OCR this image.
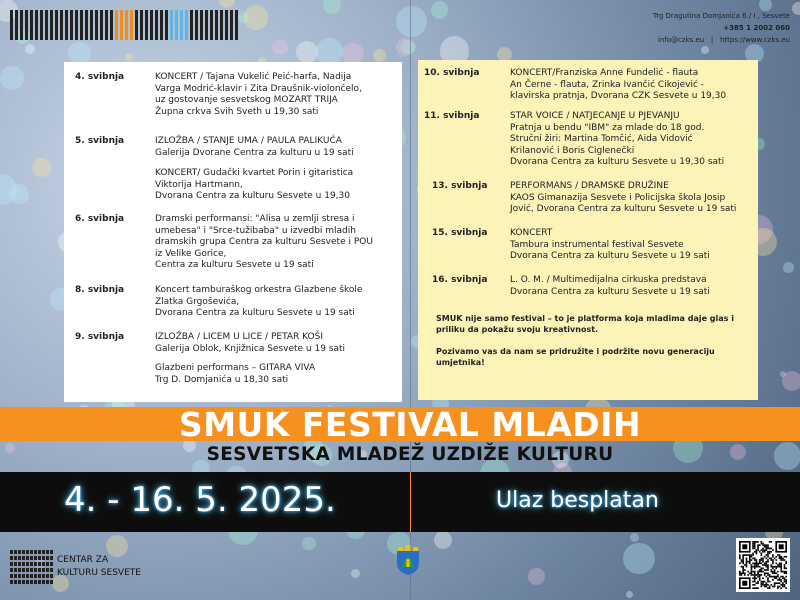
Trg Dragutina Domjanića 6 / I , Sesvete
+385 1 2002 060
info@czks.eu   |   https://www.czks.eu
4. svibnja	KONCERT / Tajana Vukelić Peić-harfa, Nadija
Varga Modrić-klavir i Zita Draušnik-violončelo,
uz gostovanje sesvetskog MOZART TRIJA
Župna crkva Svih Sveth u 19,30 sati
5. svibnja	IZLOŽBA / STANJE UMA / PAULA PALIKUĆA
Galerija Dvorane Centra za kulturu u 19 sati
KONCERT/ Gudački kvartet Porin i gitaristica
Viktorija Hartmann,
Dvorana Centra za kulturu Sesvete u 19,30
6. svibnja	Dramski performansi: "Alisa u zemlji stresa i
umebesa" i "Srce-tužibaba" u izvedbi mladih
dramskih grupa Centra za kulturu Sesvete i POU
iz Velike Gorice,
Centra za kulturu Sesvete u 19 sati
8. svibnja	Koncert tamburaškog orkestra Glazbene škole
Zlatka Grgoševića,
Dvorana Centra za kulturu Sesvete u 19 sati
9. svibnja	IZLOŽBA / LICEM U LICE / PETAR KOŠI
Galerija Oblok, Knjižnica Sesvete u 19 sati
Glazbeni performans – GITARA VIVA
Trg D. Domjanića u 18,30 sati
10. svibnja	KONCERT/Franziska Anne Fundelić - flauta
An Černe - flauta, Zrinka Ivančić Cikojević -
klavirska pratnja, Dvorana CZK Sesvete u 19,30
11. svibnja	STAR VOICE / NATJECANJE U PJEVANJU
Pratnja u bendu "IBM" za mlade do 18 god.
Stručni žiri: Martina Tomčić, Aida Vidović
Krilanović i Boris Ciglenečki
Dvorana Centra za kulturu Sesvete u 19,30 sati
13. svibnja	PERFORMANS / DRAMSKE DRUŽINE
KAOS Gimanazija Sesvete i Policijska škola Josip
Jović, Dvorana Centra za kulturu Sesvete u 19 sati
15. svibnja	KONCERT
Tambura instrumental festival Sesvete
Dvorana Centra za kulturu Sesvete u 19 sati
16. svibnja	L. O. M. / Multimedijalna cirkuska predstava
Dvorana Centra za kulturu Sesvete u 19 sati

SMUK nije samo festival – to je platforma koja mladima daje glas i priliku da pokažu svoju kreativnost.

Pozivamo vas da nam se pridružite i podržite novu generaciju umjetnika!

SMUK FESTIVAL MLADIH
SESVETSKA MLADEŽ UZDIŽE KULTURU
4. - 16. 5. 2025.	Ulaz besplatan
CENTAR ZA
KULTURU SESVETE
